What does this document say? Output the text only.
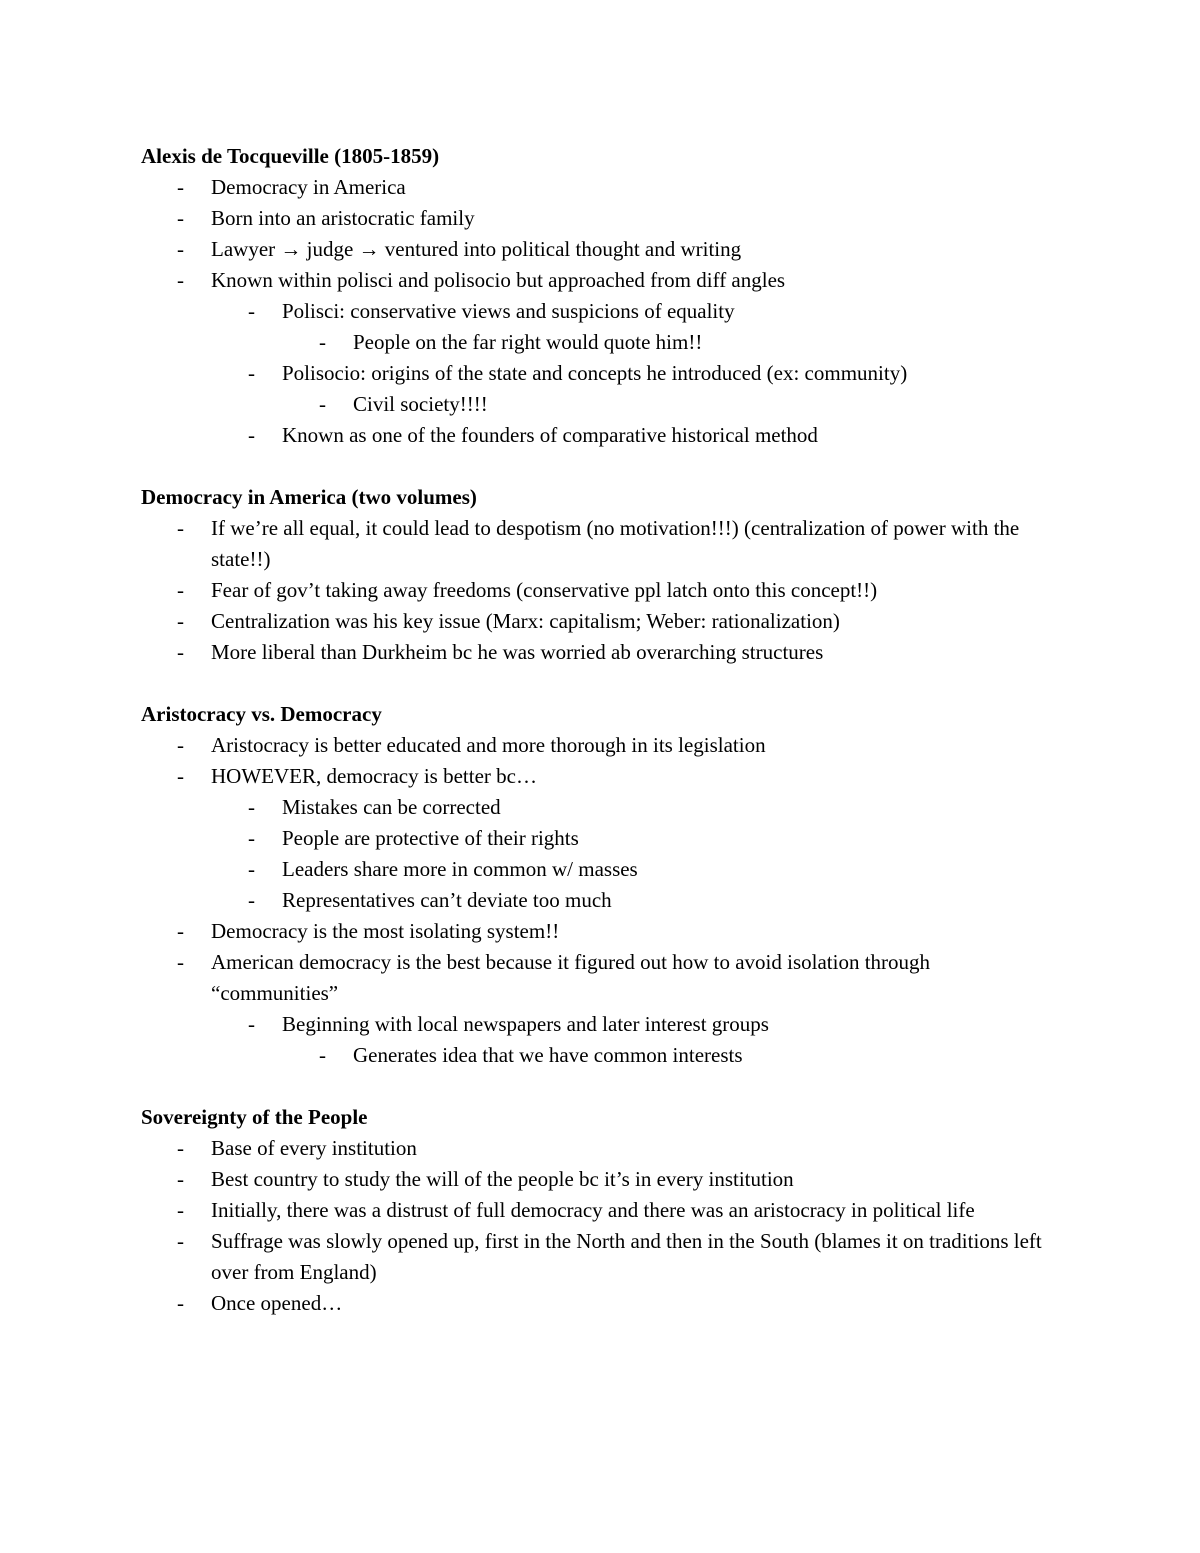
Alexis de Tocqueville (1805-1859)
- Democracy in America
- Born into an aristocratic family
- Lawyer → judge → ventured into political thought and writing
- Known within polisci and polisocio but approached from diff angles
- Polisci: conservative views and suspicions of equality
- People on the far right would quote him!!
- Polisocio: origins of the state and concepts he introduced (ex: community)
- Civil society!!!!
- Known as one of the founders of comparative historical method
Democracy in America (two volumes)
- If we’re all equal, it could lead to despotism (no motivation!!!) (centralization of power with the state!!)
- Fear of gov’t taking away freedoms (conservative ppl latch onto this concept!!)
- Centralization was his key issue (Marx: capitalism; Weber: rationalization)
- More liberal than Durkheim bc he was worried ab overarching structures
Aristocracy vs. Democracy
- Aristocracy is better educated and more thorough in its legislation
- HOWEVER, democracy is better bc…
- Mistakes can be corrected
- People are protective of their rights
- Leaders share more in common w/ masses
- Representatives can’t deviate too much
- Democracy is the most isolating system!!
- American democracy is the best because it figured out how to avoid isolation through “communities”
- Beginning with local newspapers and later interest groups
- Generates idea that we have common interests
Sovereignty of the People
- Base of every institution
- Best country to study the will of the people bc it’s in every institution
- Initially, there was a distrust of full democracy and there was an aristocracy in political life
- Suffrage was slowly opened up, first in the North and then in the South (blames it on traditions left over from England)
- Once opened…
